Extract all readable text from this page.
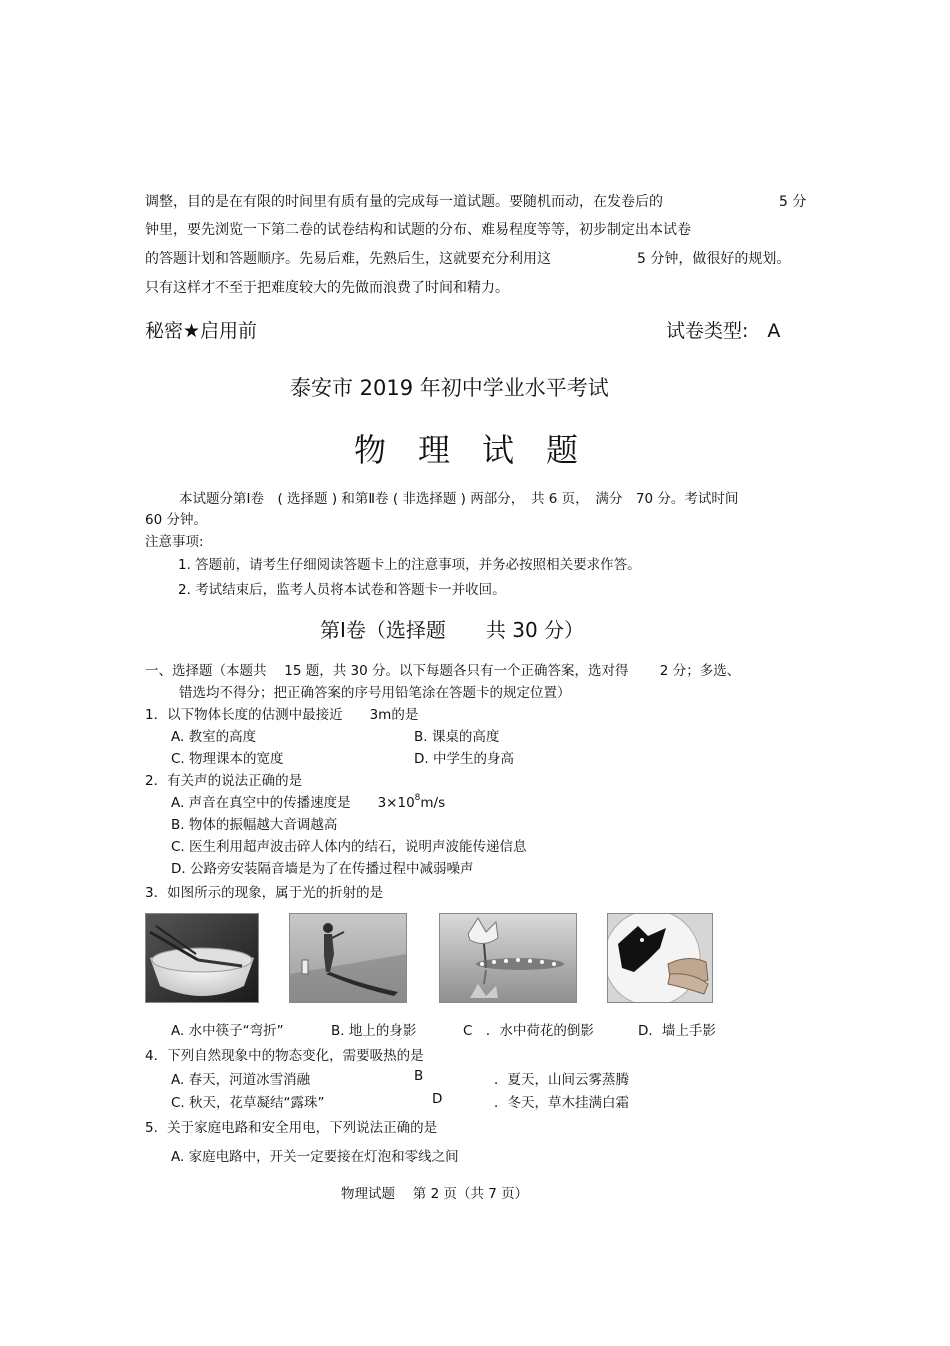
调整，目的是在有限的时间里有质有量的完成每一道试题。要随机而动，在发卷后的	5 分
钟里，要先浏览一下第二卷的试卷结构和试题的分布、难易程度等等，初步制定出本试卷
的答题计划和答题顺序。先易后难，先熟后生，这就要充分利用这	5 分钟，做很好的规划。
只有这样才不至于把难度较大的先做而浪费了时间和精力。
秘密★启用前	试卷类型:　A
泰安市 2019 年初中学业水平考试
物　理　试　题
本试题分第Ⅰ卷　( 选择题 ) 和第Ⅱ卷 ( 非选择题 ) 两部分，　共 6 页，　满分　70 分。考试时间
60 分钟。
注意事项:
1. 答题前，请考生仔细阅读答题卡上的注意事项，并务必按照相关要求作答。
2. 考试结束后，监考人员将本试卷和答题卡一并收回。
第Ⅰ卷（选择题　　共 30 分）
一、选择题（本题共　 15 题，共 30 分。以下每题各只有一个正确答案，选对得　　 2 分；多选、
错选均不得分；把正确答案的序号用铅笔涂在答题卡的规定位置）
1．以下物体长度的估测中最接近　　3m的是
A. 教室的高度	B. 课桌的高度
C. 物理课本的宽度	D. 中学生的身高
2．有关声的说法正确的是
A. 声音在真空中的传播速度是　　$3\times 10^8m/s$
B. 物体的振幅越大音调越高
C. 医生利用超声波击碎人体内的结石，说明声波能传递信息
D. 公路旁安装隔音墙是为了在传播过程中减弱噪声
3．如图所示的现象，属于光的折射的是
A. 水中筷子“弯折”	B. 地上的身影	C　．水中荷花的倒影	D．墙上手影
4．下列自然现象中的物态变化，需要吸热的是
A. 春天，河道冰雪消融	B	．夏天，山间云雾蒸腾
C. 秋天，花草凝结“露珠”	D	．冬天，草木挂满白霜
5．关于家庭电路和安全用电，下列说法正确的是
A. 家庭电路中，开关一定要接在灯泡和零线之间
物理试题　 第 2 页（共 7 页）
